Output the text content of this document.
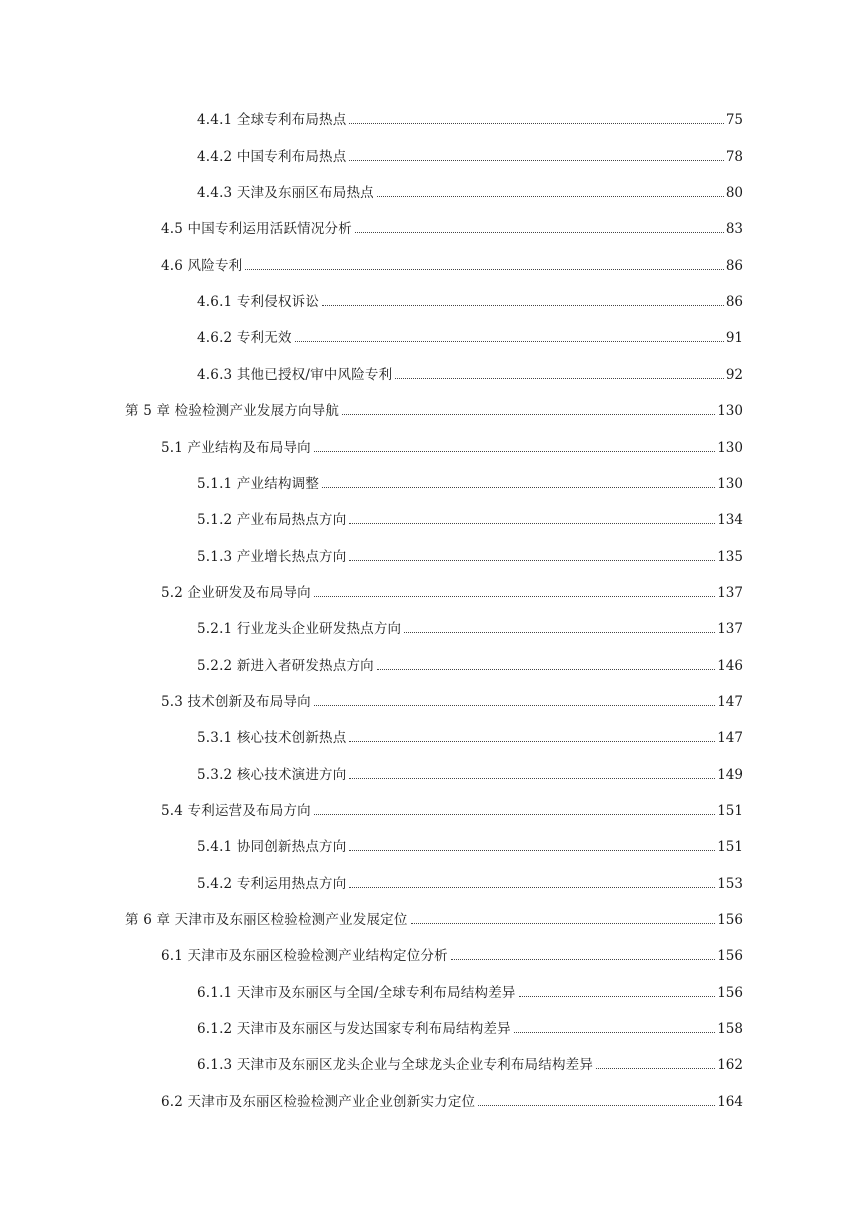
4.4.1 全球专利布局热点	75
4.4.2 中国专利布局热点	78
4.4.3 天津及东丽区布局热点	80
4.5 中国专利运用活跃情况分析	83
4.6 风险专利	86
4.6.1 专利侵权诉讼	86
4.6.2 专利无效	91
4.6.3 其他已授权/审中风险专利	92
第 5 章 检验检测产业发展方向导航	130
5.1 产业结构及布局导向	130
5.1.1 产业结构调整	130
5.1.2 产业布局热点方向	134
5.1.3 产业增长热点方向	135
5.2 企业研发及布局导向	137
5.2.1 行业龙头企业研发热点方向	137
5.2.2 新进入者研发热点方向	146
5.3 技术创新及布局导向	147
5.3.1 核心技术创新热点	147
5.3.2 核心技术演进方向	149
5.4 专利运营及布局方向	151
5.4.1 协同创新热点方向	151
5.4.2 专利运用热点方向	153
第 6 章 天津市及东丽区检验检测产业发展定位	156
6.1 天津市及东丽区检验检测产业结构定位分析	156
6.1.1 天津市及东丽区与全国/全球专利布局结构差异	156
6.1.2 天津市及东丽区与发达国家专利布局结构差异	158
6.1.3 天津市及东丽区龙头企业与全球龙头企业专利布局结构差异	162
6.2 天津市及东丽区检验检测产业企业创新实力定位	164
